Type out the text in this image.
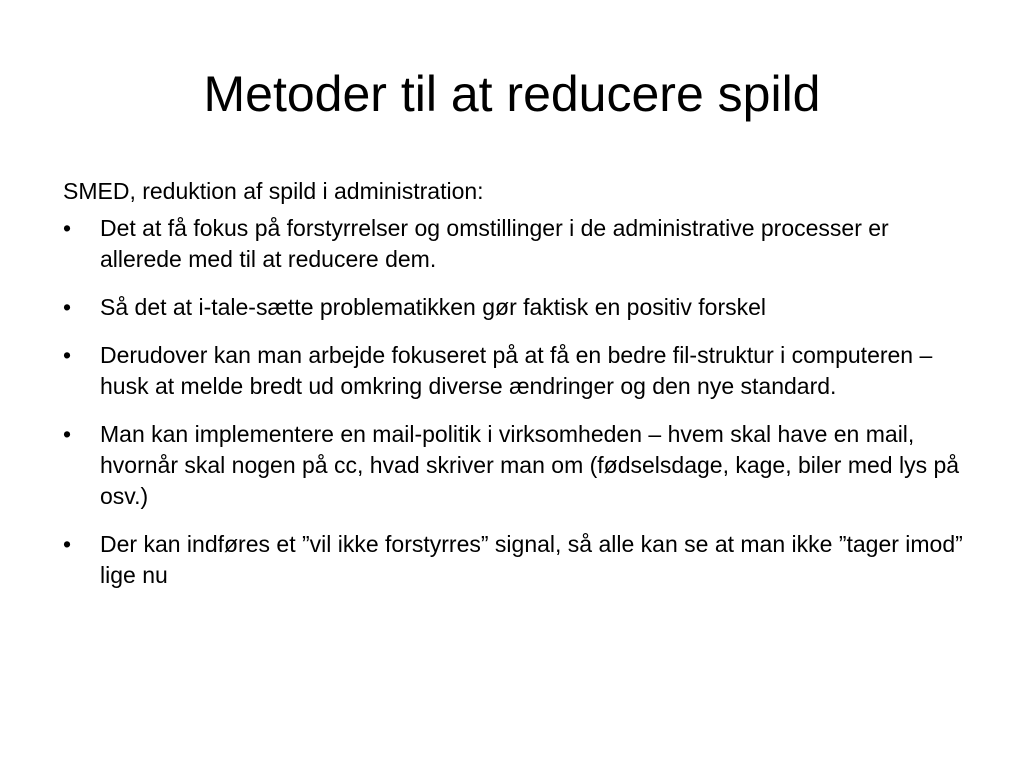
Metoder til at reducere spild

SMED, reduktion af spild i administration:

•	Det at få fokus på forstyrrelser og omstillinger i de administrative processer er allerede med til at reducere dem.
•	Så det at i-tale-sætte problematikken gør faktisk en positiv forskel
•	Derudover kan man arbejde fokuseret på at få en bedre fil-struktur i computeren – husk at melde bredt ud omkring diverse ændringer og den nye standard.
•	Man kan implementere en mail-politik i virksomheden – hvem skal have en mail, hvornår skal nogen på cc, hvad skriver man om (fødselsdage, kage, biler med lys på osv.)
•	Der kan indføres et ”vil ikke forstyrres” signal, så alle kan se at man ikke ”tager imod” lige nu
